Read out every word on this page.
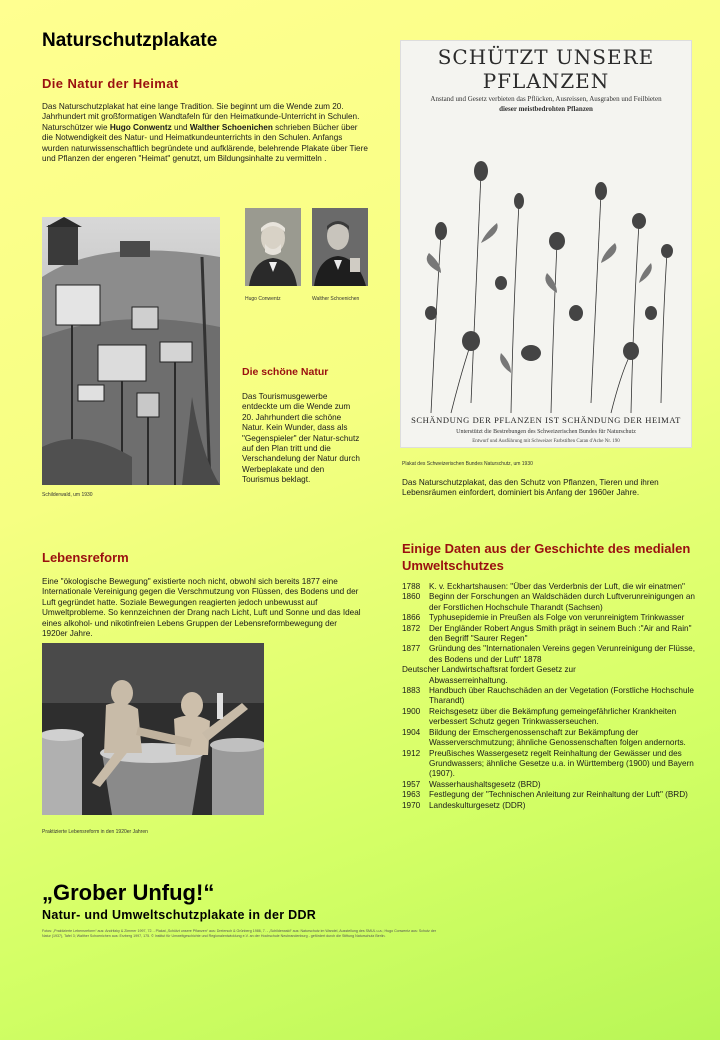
Naturschutzplakate
Die Natur der Heimat
Das Naturschutzplakat hat eine lange Tradition. Sie beginnt um die Wende zum 20. Jahrhundert mit großformatigen Wandtafeln für den Heimatkunde-Unterricht in Schulen.
Naturschützer wie Hugo Conwentz und Walther Schoenichen schrieben Bücher über die Notwendigkeit des Natur- und Heimatkundeunterrichts in den Schulen. Anfangs wurden naturwissenschaftlich begründete und aufklärende, belehrende Plakate über Tiere und Pflanzen der engeren "Heimat" genutzt, um Bildungsinhalte zu vermitteln .
Schilderwald, um 1930
Hugo Conwentz	Walther Schoenichen
Die schöne Natur
Das Tourismusgewerbe entdeckte um die Wende zum 20. Jahrhundert die schöne Natur. Kein Wunder, dass als "Gegenspieler" der Natur-schutz auf den Plan tritt und die Verschandelung der Natur durch Werbeplakate und den Tourismus beklagt.
Lebensreform
Eine "ökologische Bewegung" existierte noch nicht, obwohl sich bereits 1877 eine Internationale Vereinigung gegen die Verschmutzung von Flüssen, des Bodens und der Luft gegründet hatte. Soziale Bewegungen reagierten jedoch unbewusst auf Umweltprobleme. So kennzeichnen der Drang nach Licht, Luft und Sonne und das Ideal eines alkohol- und nikotinfreien Lebens Gruppen der Lebensreformbewegung der 1920er Jahre.
Praktizierte Lebensreform in den 1920er Jahren
SCHÜTZT UNSERE PFLANZEN
Anstand und Gesetz verbieten das Pflücken, Ausreissen, Ausgraben und Feilbieten
dieser meistbedrohten Pflanzen
SCHÄNDUNG DER PFLANZEN IST SCHÄNDUNG DER HEIMAT
Unterstützt die Bestrebungen des Schweizerischen Bundes für Naturschutz
Entwurf und Ausführung mit Schweizer Farbstiften Caran d'Ache Nr. 190
Plakat des Schweizerischen Bundes Naturschutz, um 1930
Das Naturschutzplakat, das den Schutz von Pflanzen, Tieren und ihren Lebensräumen einfordert, dominiert bis Anfang der 1960er Jahre.
Einige Daten aus der Geschichte des medialen Umweltschutzes
1788	K. v. Eckhartshausen: "Über das Verderbnis der Luft, die wir einatmen"
1860	Beginn der Forschungen an Waldschäden durch Luftverunreinigungen an der Forstlichen Hochschule Tharandt (Sachsen)
1866	Typhusepidemie in Preußen als Folge von verunreinigtem Trinkwasser
1872	Der Engländer Robert Angus Smith prägt in seinem Buch :"Air and Rain" den Begriff "Saurer Regen"
1877	Gründung des "Internationalen Vereins gegen Verunreinigung der Flüsse, des Bodens und der Luft" 1878
Deutscher Landwirtschaftsrat fordert Gesetz zur
Abwasserreinhaltung.
1883	Handbuch über Rauchschäden an der Vegetation (Forstliche Hochschule Tharandt)
1900	Reichsgesetz über die Bekämpfung gemeingefährlicher Krankheiten verbessert Schutz gegen Trinkwasserseuchen.
1904	Bildung der Emschergenossenschaft zur Bekämpfung der Wasserverschmutzung; ähnliche Genossenschaften folgen andernorts.
1912	Preußisches Wassergesetz regelt Reinhaltung der Gewässer und des Grundwassers; ähnliche Gesetze u.a. in Württemberg (1900) und Bayern (1907).
1957	Wasserhaushaltsgesetz (BRD)
1963	Festlegung der "Technischen Anleitung zur Reinhaltung der Luft" (BRD)
1970	Landeskulturgesetz (DDR)
„Grober Unfug!“
Natur- und Umweltschutzplakate in der DDR
Fotos: „Praktizierte Lebensreform“ aus: Andritzky & Zimmer 1997, 72. - Plakat „Schützt unsere Pflanzen“ aus: Dreiersch & Grünberg 1986, 7. - „Schilderwald“ aus: Naturschutz im Wandel, Ausstellung des SMUL u.a.; Hugo Conwentz aus: Schutz der Natur (1937), Tafel 3; Walther Schoenichen aus: Erzberg 1997, 175. © Institut für Umweltgeschichte und Regionalentwicklung e.V. an der Hochschule Neubrandenburg - gefördert durch die Stiftung Naturschutz Berlin.
